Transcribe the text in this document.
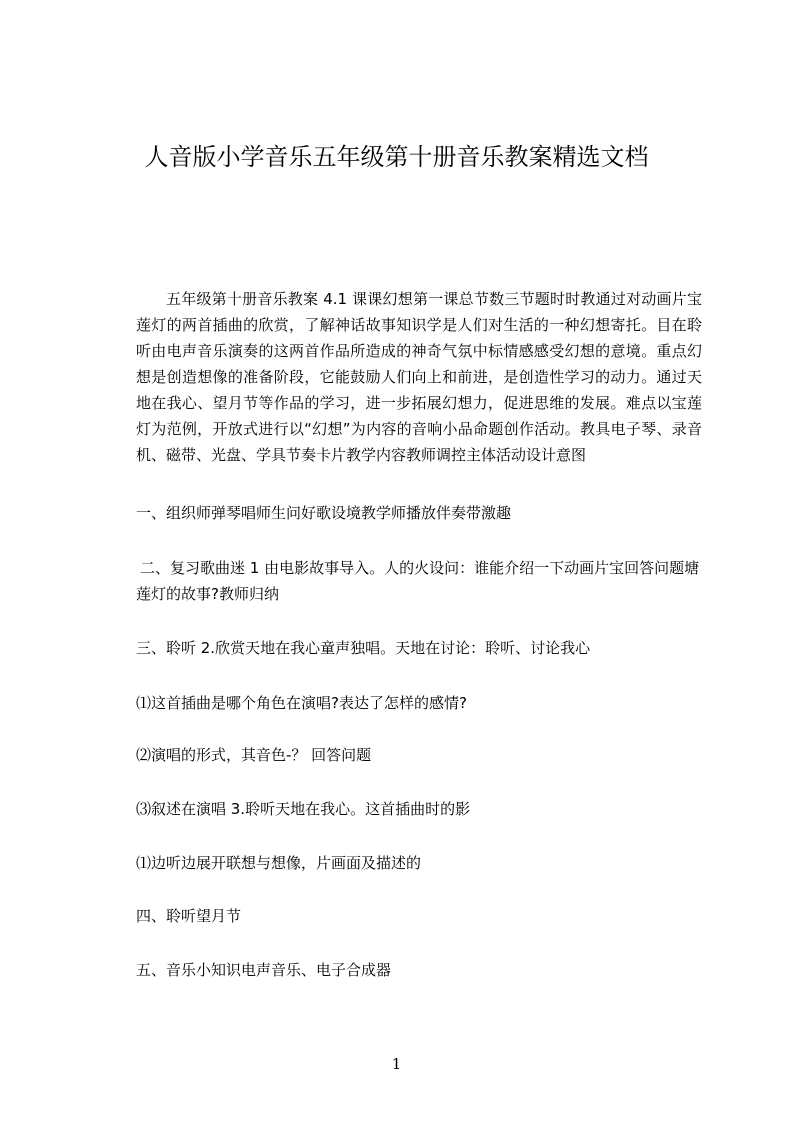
人音版小学音乐五年级第十册音乐教案精选文档
五年级第十册音乐教案 4.1 课课幻想第一课总节数三节题时时教通过对动画片宝莲灯的两首插曲的欣赏，了解神话故事知识学是人们对生活的一种幻想寄托。目在聆听由电声音乐演奏的这两首作品所造成的神奇气氛中标情感感受幻想的意境。重点幻想是创造想像的准备阶段，它能鼓励人们向上和前进，是创造性学习的动力。通过天地在我心、望月节等作品的学习，进一步拓展幻想力，促进思维的发展。难点以宝莲灯为范例，开放式进行以“幻想”为内容的音响小品命题创作活动。教具电子琴、录音机、磁带、光盘、学具节奏卡片教学内容教师调控主体活动设计意图
一、组织师弹琴唱师生问好歌设境教学师播放伴奏带激趣
二、复习歌曲迷 1 由电影故事导入。人的火设问：谁能介绍一下动画片宝回答问题塘莲灯的故事?教师归纳
三、聆听 2.欣赏天地在我心童声独唱。天地在讨论：聆听、讨论我心
⑴这首插曲是哪个角色在演唱?表达了怎样的感情?
⑵演唱的形式，其音色-？ 回答问题
⑶叙述在演唱 3.聆听天地在我心。这首插曲时的影
⑴边听边展开联想与想像，片画面及描述的
四、聆听望月节
五、音乐小知识电声音乐、电子合成器
1
